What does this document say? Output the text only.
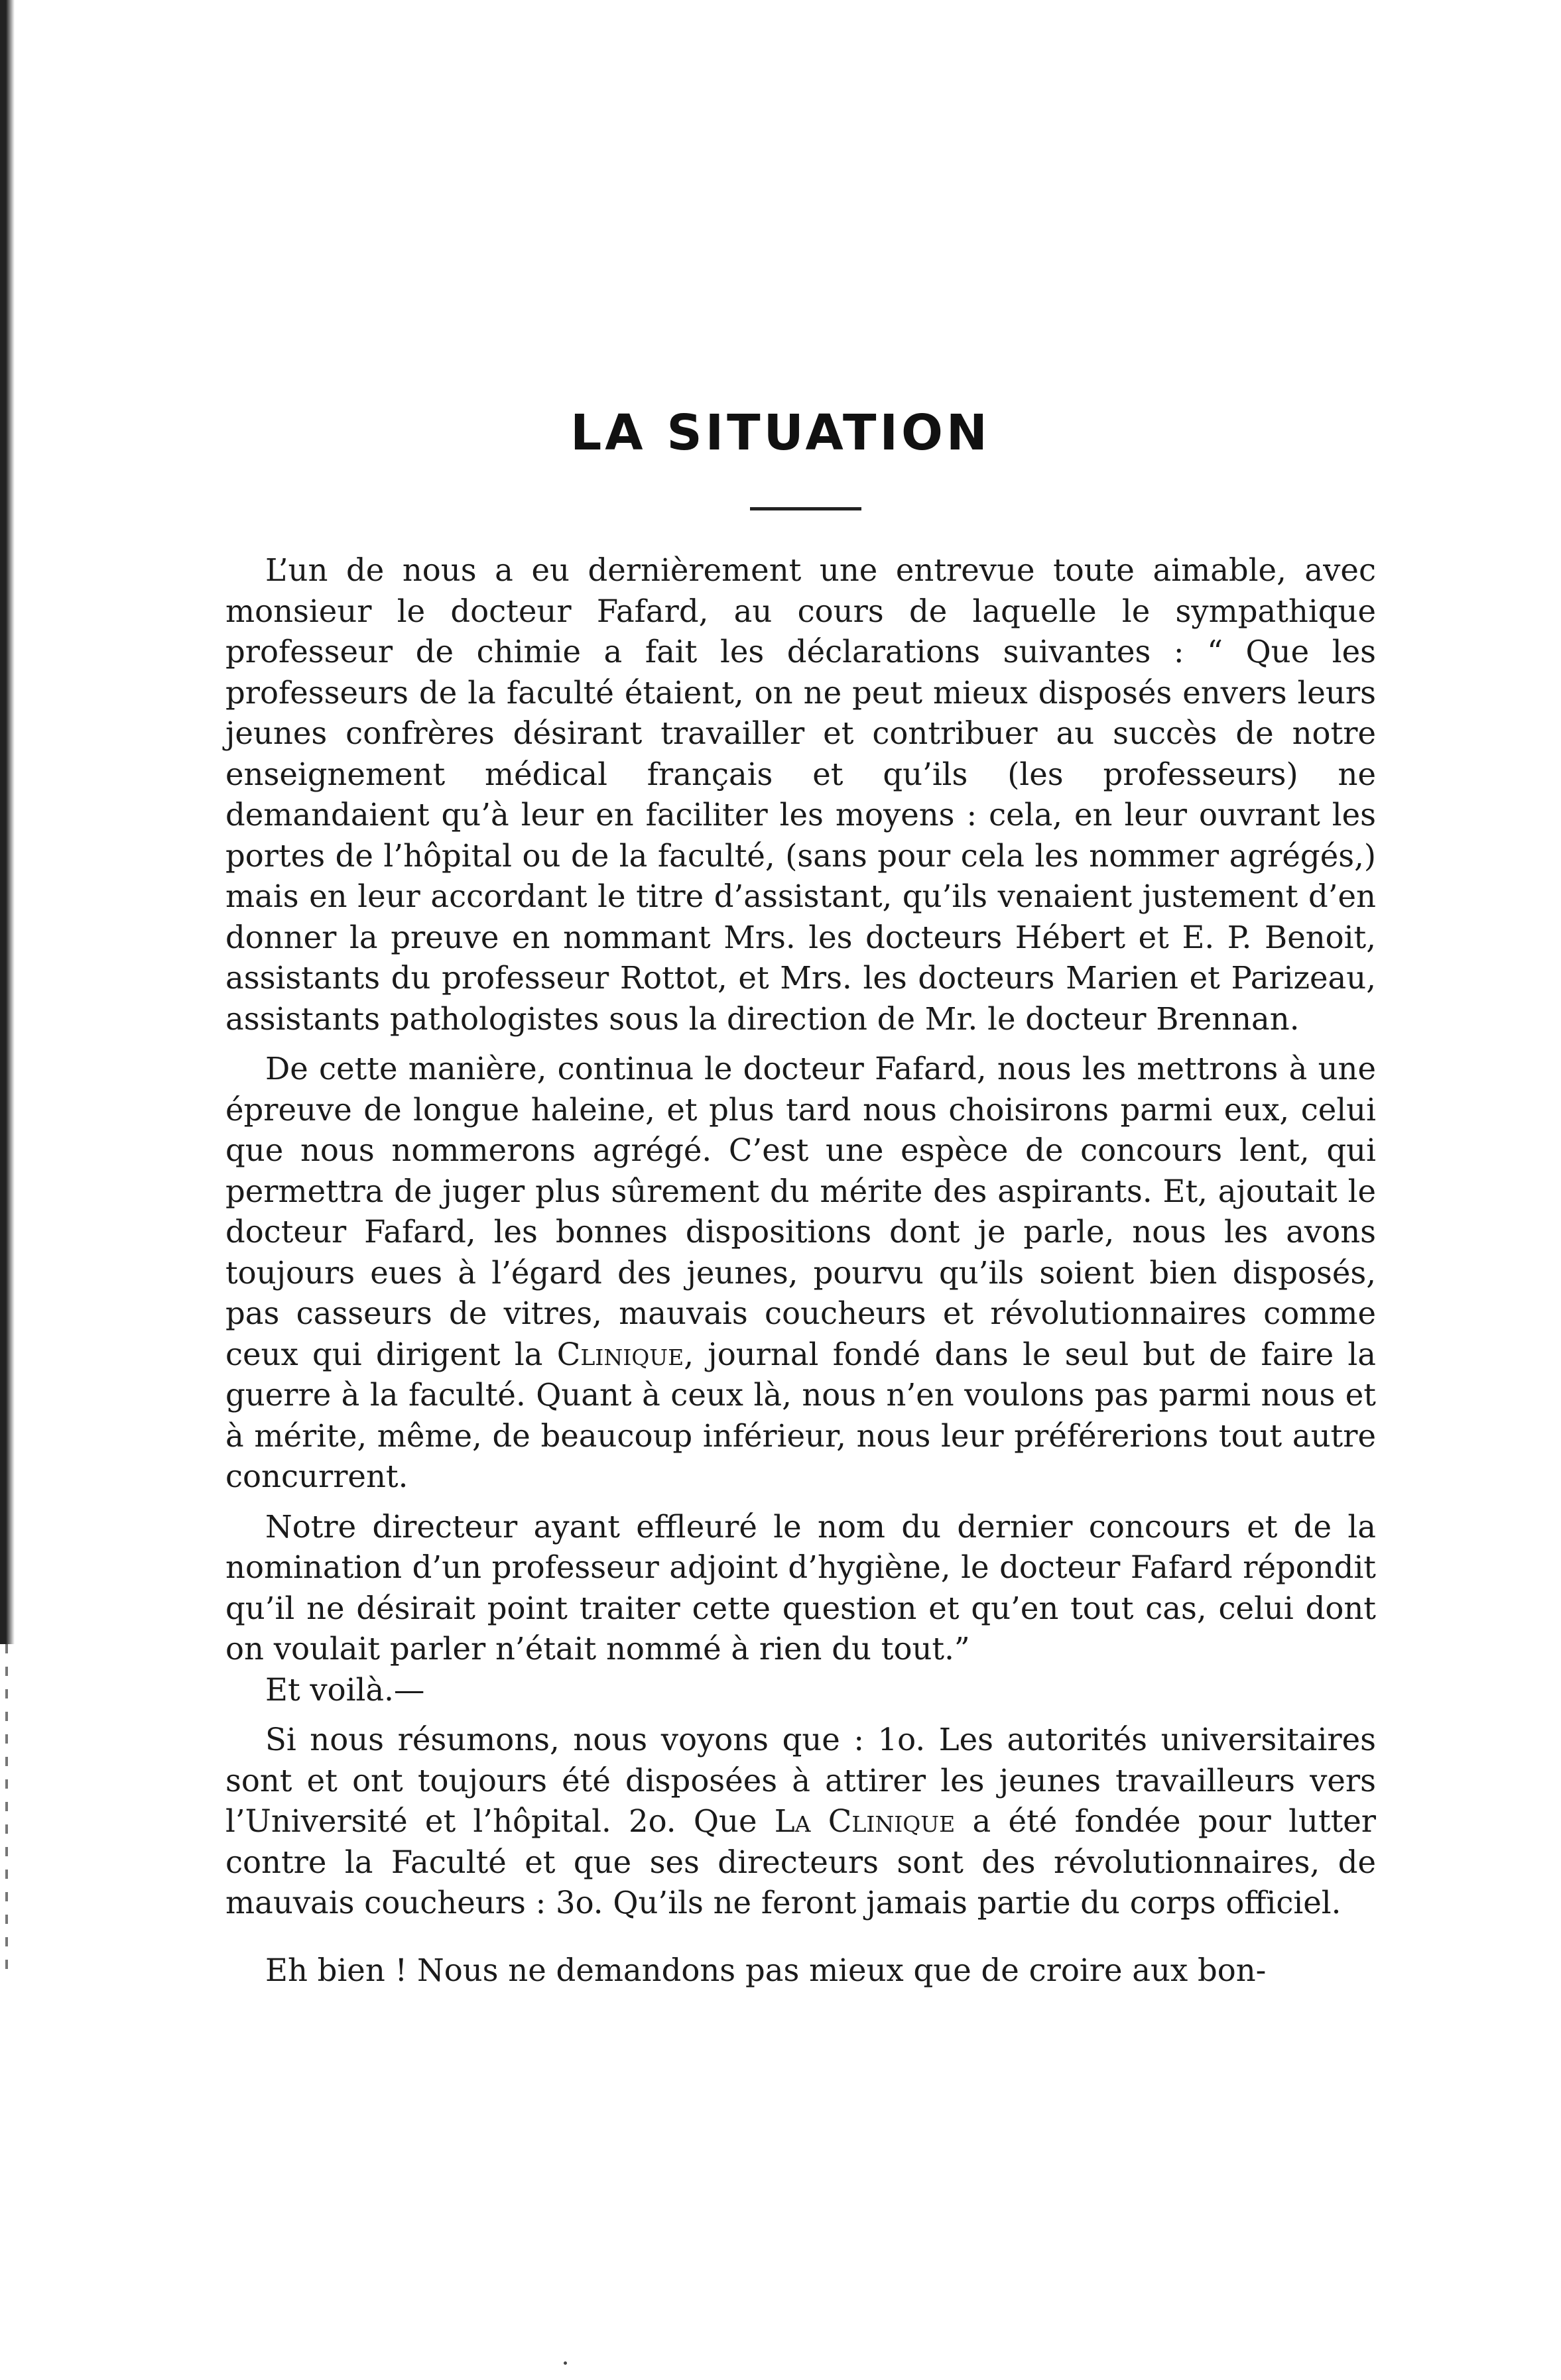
LA SITUATION

L’un de nous a eu dernièrement une entrevue toute aimable, avec monsieur le docteur Fafard, au cours de laquelle le sympathique professeur de chimie a fait les déclarations suivantes : “ Que les professeurs de la faculté étaient, on ne peut mieux disposés envers leurs jeunes confrères désirant travailler et contribuer au succès de notre enseignement médical français et qu’ils (les professeurs) ne demandaient qu’à leur en faciliter les moyens : cela, en leur ouvrant les portes de l’hôpital ou de la faculté, (sans pour cela les nommer agrégés,) mais en leur accordant le titre d’assistant, qu’ils venaient justement d’en donner la preuve en nommant Mrs. les docteurs Hébert et E. P. Benoit, assistants du professeur Rottot, et Mrs. les docteurs Marien et Parizeau, assistants pathologistes sous la direction de Mr. le docteur Brennan.

De cette manière, continua le docteur Fafard, nous les mettrons à une épreuve de longue haleine, et plus tard nous choisirons parmi eux, celui que nous nommerons agrégé. C’est une espèce de concours lent, qui permettra de juger plus sûrement du mérite des aspirants. Et, ajoutait le docteur Fafard, les bonnes dispositions dont je parle, nous les avons toujours eues à l’égard des jeunes, pourvu qu’ils soient bien disposés, pas casseurs de vitres, mauvais coucheurs et révolutionnaires comme ceux qui dirigent la Clinique, journal fondé dans le seul but de faire la guerre à la faculté. Quant à ceux là, nous n’en voulons pas parmi nous et à mérite, même, de beaucoup inférieur, nous leur préférerions tout autre concurrent.

Notre directeur ayant effleuré le nom du dernier concours et de la nomination d’un professeur adjoint d’hygiène, le docteur Fafard répondit qu’il ne désirait point traiter cette question et qu’en tout cas, celui dont on voulait parler n’était nommé à rien du tout.”

Et voilà.—

Si nous résumons, nous voyons que : 1o. Les autorités universitaires sont et ont toujours été disposées à attirer les jeunes travailleurs vers l’Université et l’hôpital. 2o. Que La Clinique a été fondée pour lutter contre la Faculté et que ses directeurs sont des révolutionnaires, de mauvais coucheurs : 3o. Qu’ils ne feront jamais partie du corps officiel.

Eh bien ! Nous ne demandons pas mieux que de croire aux bon-
